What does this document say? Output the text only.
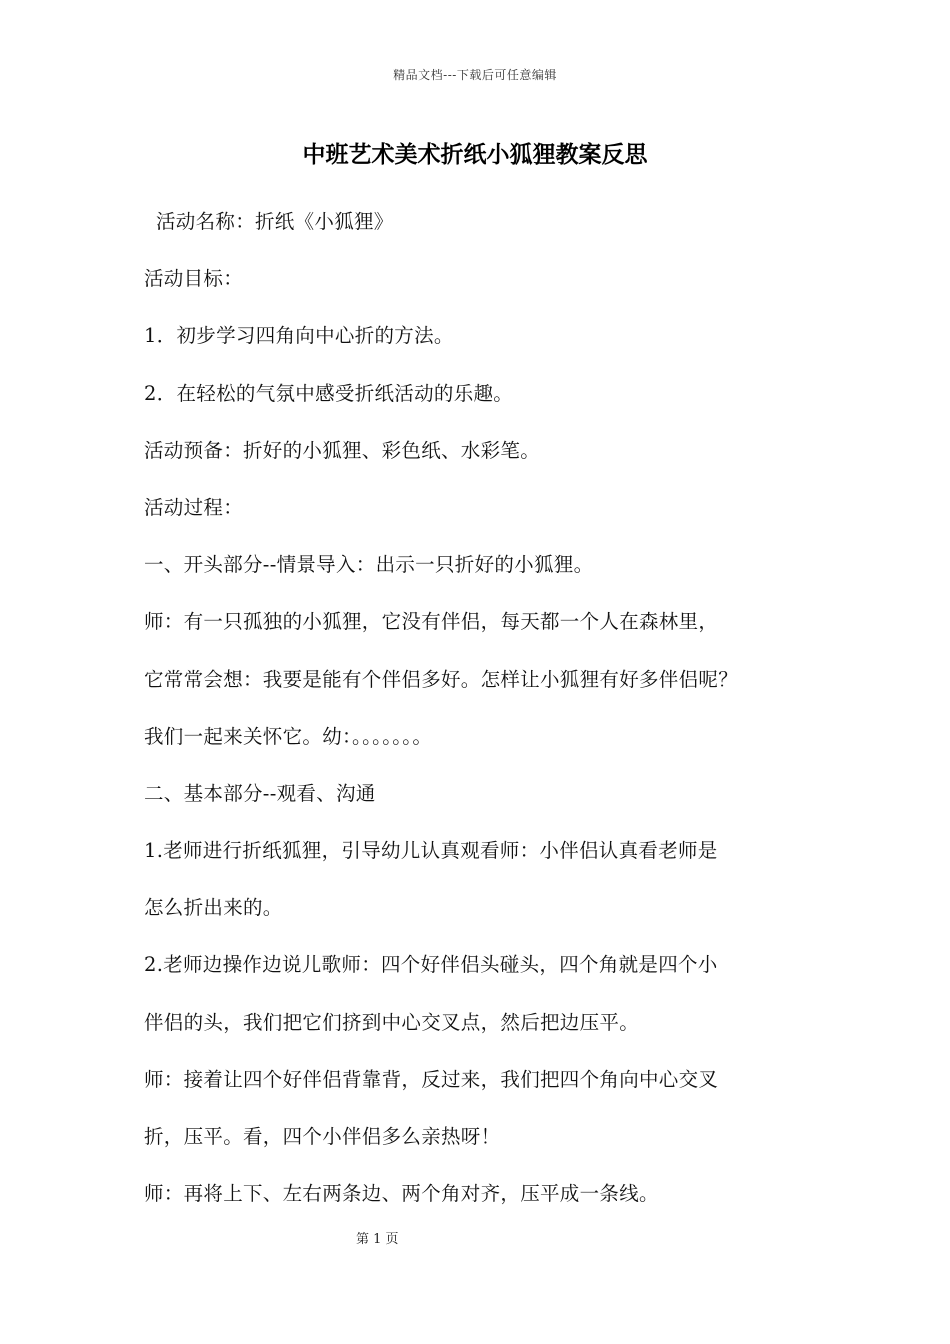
精品文档---下载后可任意编辑
中班艺术美术折纸小狐狸教案反思
活动名称：折纸《小狐狸》
活动目标：
1．初步学习四角向中心折的方法。
2．在轻松的气氛中感受折纸活动的乐趣。
活动预备：折好的小狐狸、彩色纸、水彩笔。
活动过程：
一、开头部分--情景导入：出示一只折好的小狐狸。
师：有一只孤独的小狐狸，它没有伴侣，每天都一个人在森林里，
它常常会想：我要是能有个伴侣多好。怎样让小狐狸有好多伴侣呢？
我们一起来关怀它。幼：。。。。。。。
二、基本部分--观看、沟通
1.老师进行折纸狐狸，引导幼儿认真观看师：小伴侣认真看老师是
怎么折出来的。
2.老师边操作边说儿歌师：四个好伴侣头碰头，四个角就是四个小
伴侣的头，我们把它们挤到中心交叉点，然后把边压平。
师：接着让四个好伴侣背靠背，反过来，我们把四个角向中心交叉
折，压平。看，四个小伴侣多么亲热呀！
师：再将上下、左右两条边、两个角对齐，压平成一条线。
第 1 页
